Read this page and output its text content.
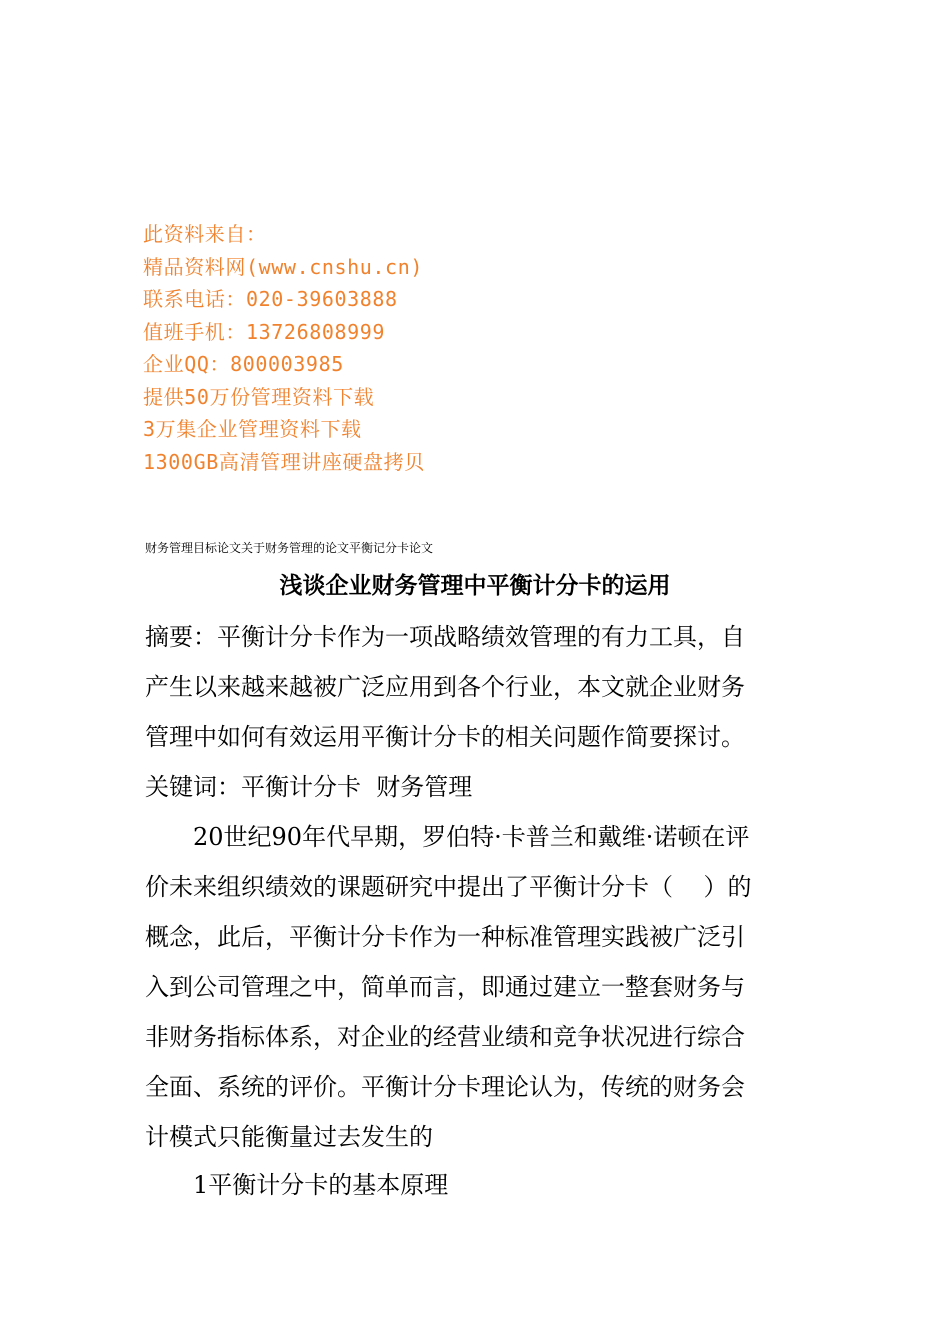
此资料来自：
精品资料网(www.cnshu.cn)
联系电话：020-39603888
值班手机：13726808999
企业QQ：800003985
提供50万份管理资料下载
3万集企业管理资料下载
1300GB高清管理讲座硬盘拷贝
财务管理目标论文关于财务管理的论文平衡记分卡论文
浅谈企业财务管理中平衡计分卡的运用
摘要：平衡计分卡作为一项战略绩效管理的有力工具，自
产生以来越来越被广泛应用到各个行业，本文就企业财务
管理中如何有效运用平衡计分卡的相关问题作简要探讨。
关键词：平衡计分卡  财务管理
20世纪90年代早期，罗伯特·卡普兰和戴维·诺顿在评
价未来组织绩效的课题研究中提出了平衡计分卡（    ）的
概念，此后，平衡计分卡作为一种标准管理实践被广泛引
入到公司管理之中，简单而言，即通过建立一整套财务与
非财务指标体系，对企业的经营业绩和竞争状况进行综合
全面、系统的评价。平衡计分卡理论认为，传统的财务会
计模式只能衡量过去发生的
1平衡计分卡的基本原理
